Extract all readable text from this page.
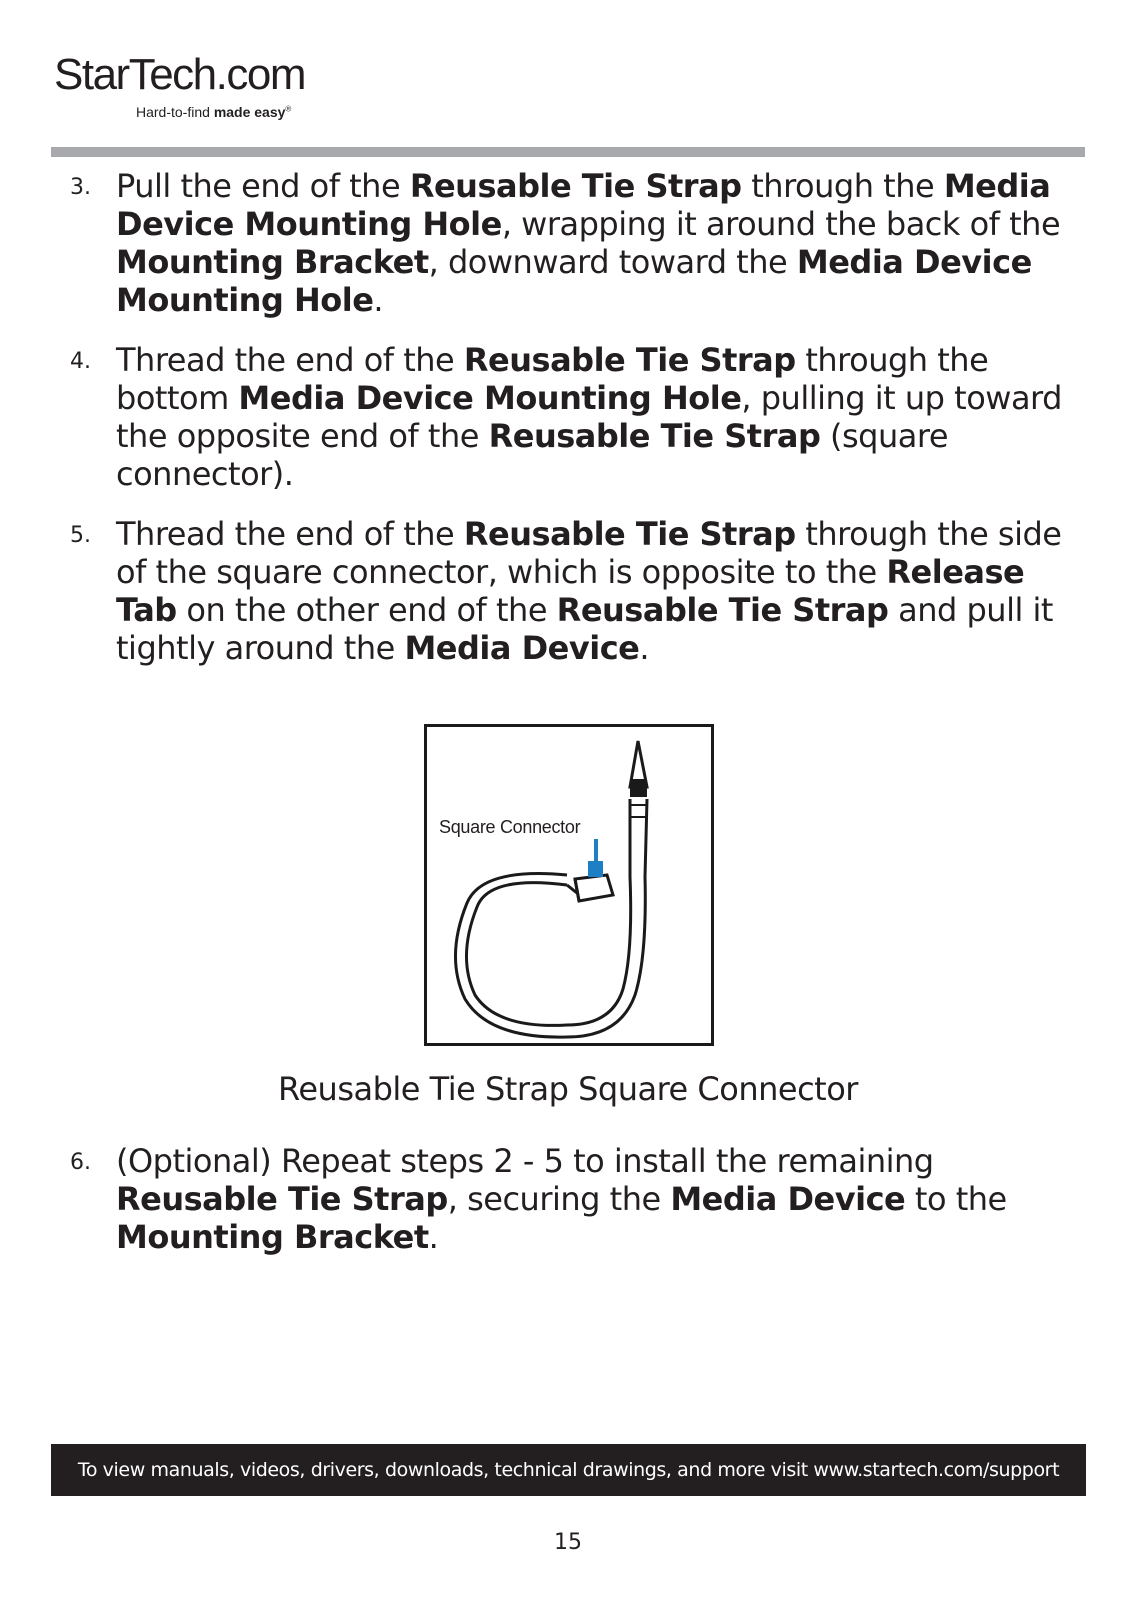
StarTech.com
Hard-to-find made easy®
3. Pull the end of the Reusable Tie Strap through the Media Device Mounting Hole, wrapping it around the back of the Mounting Bracket, downward toward the Media Device Mounting Hole.
4. Thread the end of the Reusable Tie Strap through the bottom Media Device Mounting Hole, pulling it up toward the opposite end of the Reusable Tie Strap (square connector).
5. Thread the end of the Reusable Tie Strap through the side of the square connector, which is opposite to the Release Tab on the other end of the Reusable Tie Strap and pull it tightly around the Media Device.
Square Connector
Reusable Tie Strap Square Connector
6. (Optional) Repeat steps 2 - 5 to install the remaining Reusable Tie Strap, securing the Media Device to the Mounting Bracket.
To view manuals, videos, drivers, downloads, technical drawings, and more visit www.startech.com/support
15
